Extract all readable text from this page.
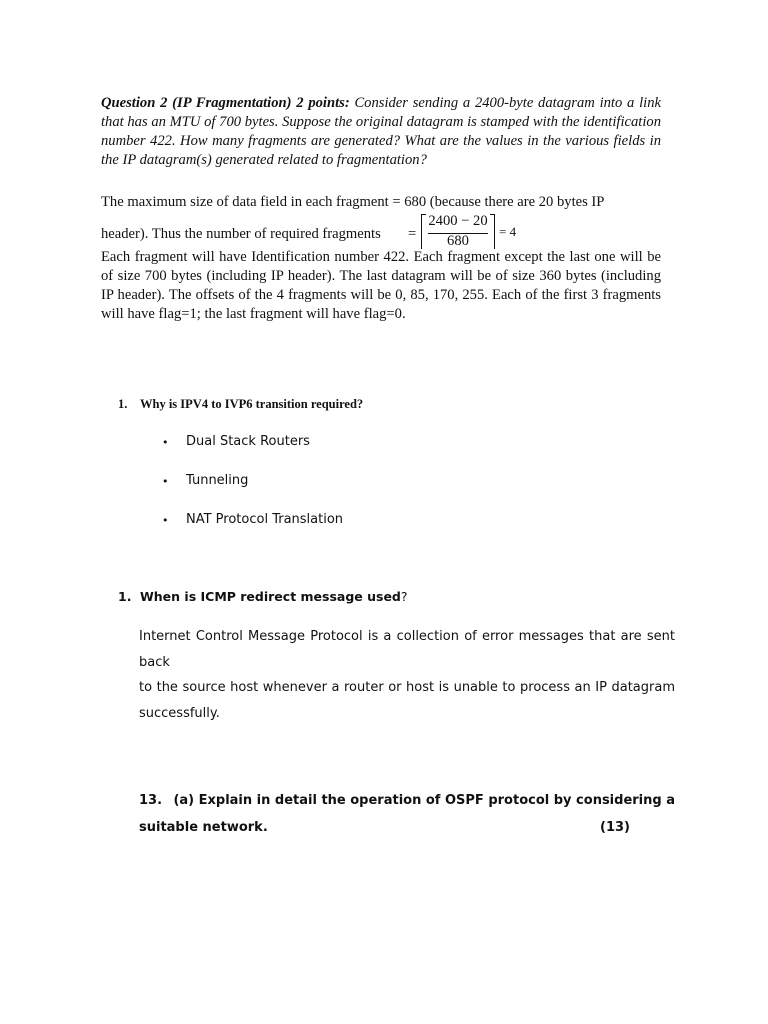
Question 2 (IP Fragmentation) 2 points: Consider sending a 2400-byte datagram into a link that has an MTU of 700 bytes. Suppose the original datagram is stamped with the identification number 422. How many fragments are generated? What are the values in the various fields in the IP datagram(s) generated related to fragmentation?
The maximum size of data field in each fragment = 680 (because there are 20 bytes IP
header). Thus the number of required fragments =
2400 − 20
680
= 4
Each fragment will have Identification number 422. Each fragment except the last one will be of size 700 bytes (including IP header). The last datagram will be of size 360 bytes (including IP header). The offsets of the 4 fragments will be 0, 85, 170, 255. Each of the first 3 fragments will have flag=1; the last fragment will have flag=0.
1. Why is IPV4 to IVP6 transition required?
• Dual Stack Routers
• Tunneling
• NAT Protocol Translation
1. When is ICMP redirect message used?
Internet Control Message Protocol is a collection of error messages that are sent back
to the source host whenever a router or host is unable to process an IP datagram
successfully.
13. (a) Explain in detail the operation of OSPF protocol by considering a
suitable network.	(13)
